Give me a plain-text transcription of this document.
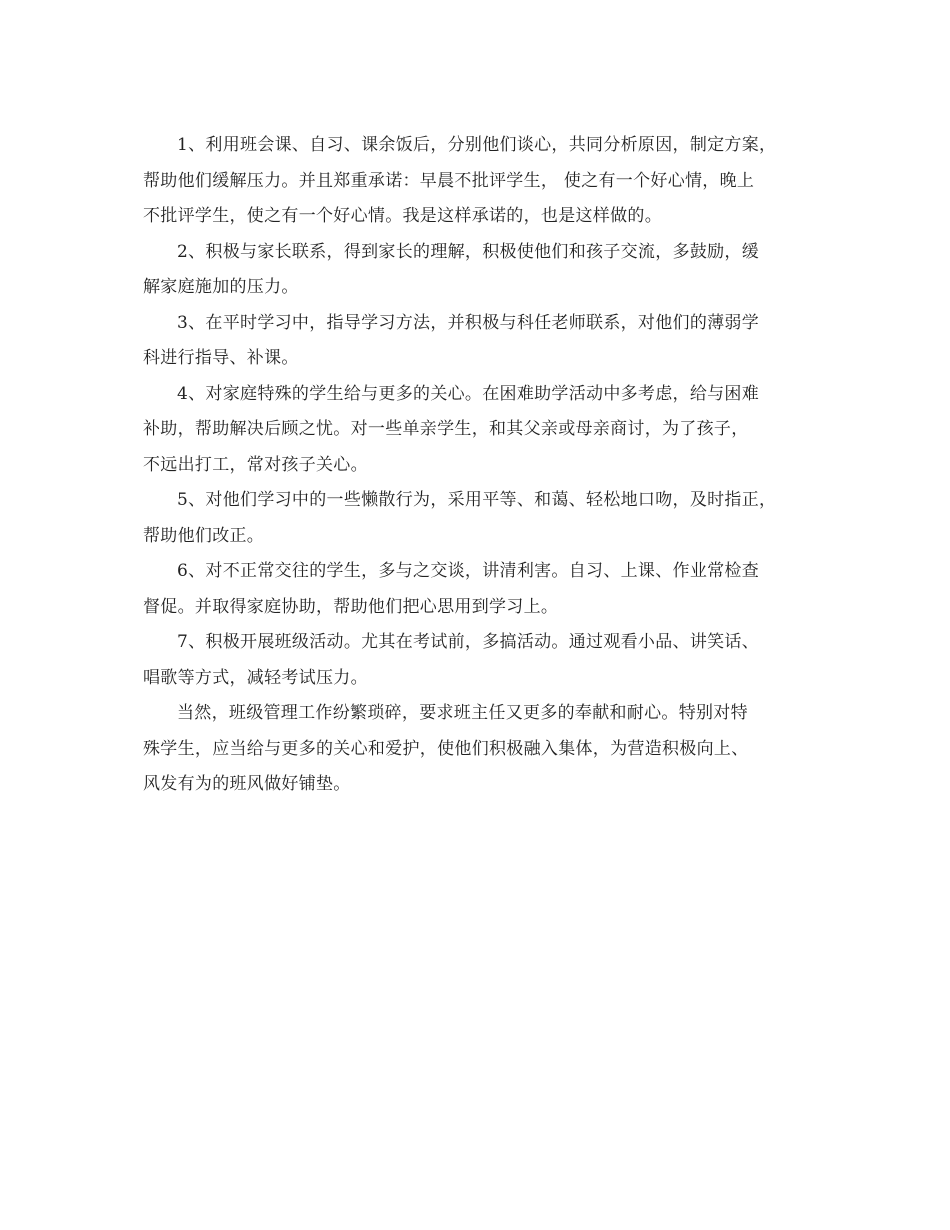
1、利用班会课、自习、课余饭后，分别他们谈心，共同分析原因，制定方案，
帮助他们缓解压力。并且郑重承诺：早晨不批评学生， 使之有一个好心情，晚上
不批评学生，使之有一个好心情。我是这样承诺的，也是这样做的。
2、积极与家长联系，得到家长的理解，积极使他们和孩子交流，多鼓励，缓
解家庭施加的压力。
3、在平时学习中，指导学习方法，并积极与科任老师联系，对他们的薄弱学
科进行指导、补课。
4、对家庭特殊的学生给与更多的关心。在困难助学活动中多考虑，给与困难
补助，帮助解决后顾之忧。对一些单亲学生，和其父亲或母亲商讨，为了孩子，
不远出打工，常对孩子关心。
5、对他们学习中的一些懒散行为，采用平等、和蔼、轻松地口吻，及时指正，
帮助他们改正。
6、对不正常交往的学生，多与之交谈，讲清利害。自习、上课、作业常检查
督促。并取得家庭协助，帮助他们把心思用到学习上。
7、积极开展班级活动。尤其在考试前，多搞活动。通过观看小品、讲笑话、
唱歌等方式，减轻考试压力。
当然，班级管理工作纷繁琐碎，要求班主任又更多的奉献和耐心。特别对特
殊学生，应当给与更多的关心和爱护，使他们积极融入集体，为营造积极向上、
风发有为的班风做好铺垫。
